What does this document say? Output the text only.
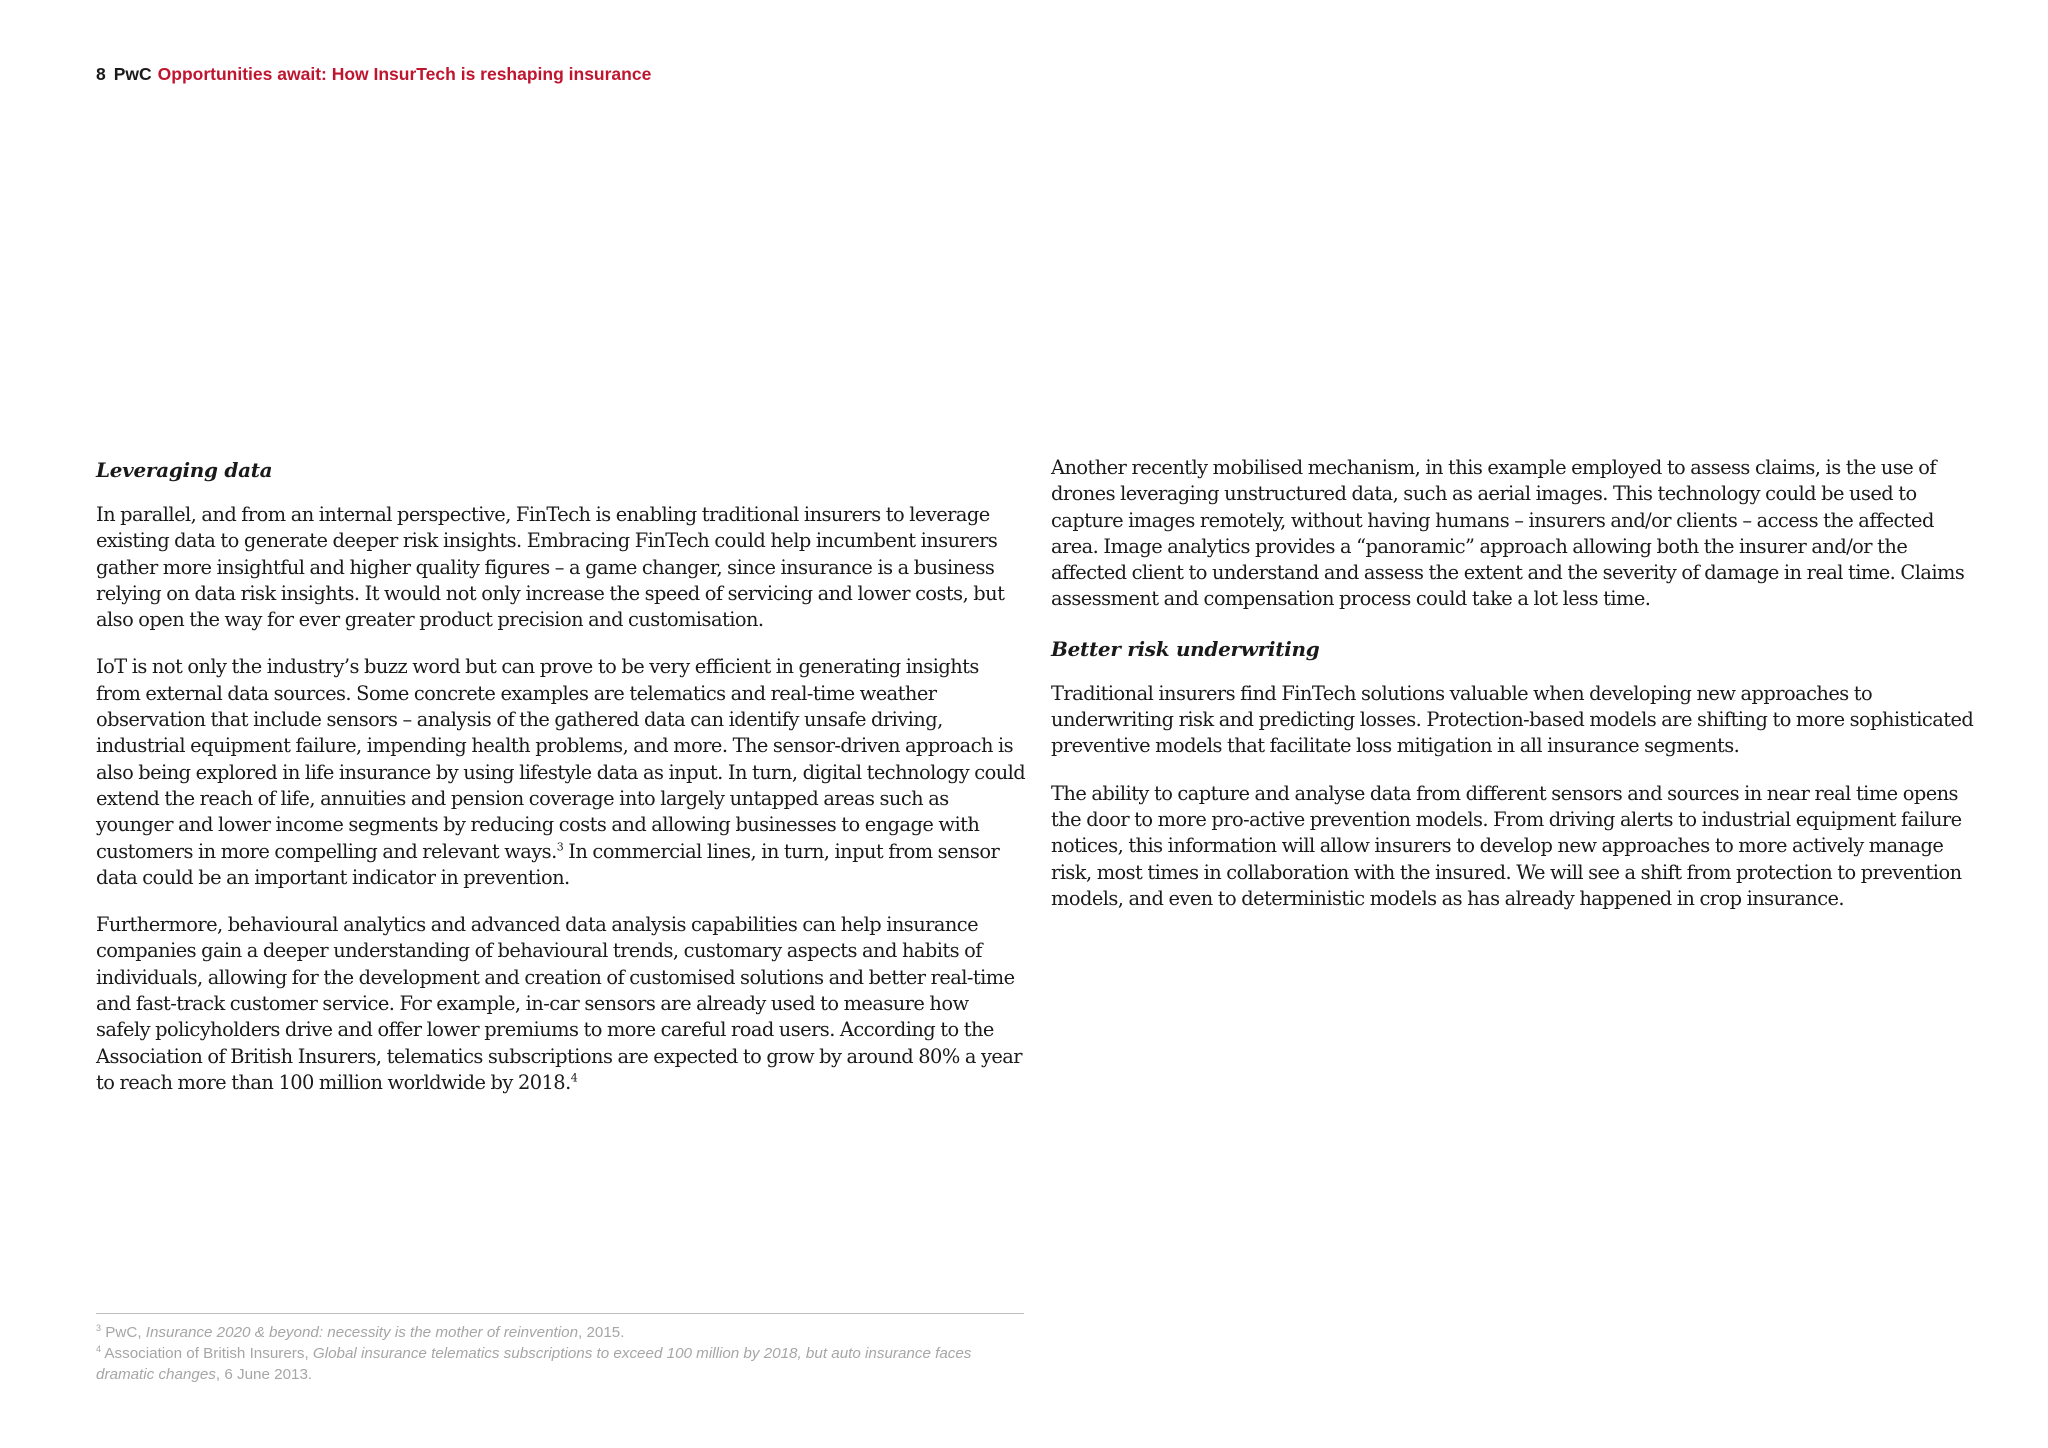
8 PwC Opportunities await: How InsurTech is reshaping insurance

Leveraging data

In parallel, and from an internal perspective, FinTech is enabling traditional insurers to leverage existing data to generate deeper risk insights. Embracing FinTech could help incumbent insurers gather more insightful and higher quality figures – a game changer, since insurance is a business relying on data risk insights. It would not only increase the speed of servicing and lower costs, but also open the way for ever greater product precision and customisation.

IoT is not only the industry’s buzz word but can prove to be very efficient in generating insights from external data sources. Some concrete examples are telematics and real-time weather observation that include sensors – analysis of the gathered data can identify unsafe driving, industrial equipment failure, impending health problems, and more. The sensor-driven approach is also being explored in life insurance by using lifestyle data as input. In turn, digital technology could extend the reach of life, annuities and pension coverage into largely untapped areas such as younger and lower income segments by reducing costs and allowing businesses to engage with customers in more compelling and relevant ways.$^3$ In commercial lines, in turn, input from sensor data could be an important indicator in prevention.

Furthermore, behavioural analytics and advanced data analysis capabilities can help insurance companies gain a deeper understanding of behavioural trends, customary aspects and habits of individuals, allowing for the development and creation of customised solutions and better real-time and fast-track customer service. For example, in-car sensors are already used to measure how safely policyholders drive and offer lower premiums to more careful road users. According to the Association of British Insurers, telematics subscriptions are expected to grow by around 80% a year to reach more than 100 million worldwide by 2018.$^4$

Another recently mobilised mechanism, in this example employed to assess claims, is the use of drones leveraging unstructured data, such as aerial images. This technology could be used to capture images remotely, without having humans – insurers and/or clients – access the affected area. Image analytics provides a “panoramic” approach allowing both the insurer and/or the affected client to understand and assess the extent and the severity of damage in real time. Claims assessment and compensation process could take a lot less time.

Better risk underwriting

Traditional insurers find FinTech solutions valuable when developing new approaches to underwriting risk and predicting losses. Protection-based models are shifting to more sophisticated preventive models that facilitate loss mitigation in all insurance segments.

The ability to capture and analyse data from different sensors and sources in near real time opens the door to more pro-active prevention models. From driving alerts to industrial equipment failure notices, this information will allow insurers to develop new approaches to more actively manage risk, most times in collaboration with the insured. We will see a shift from protection to prevention models, and even to deterministic models as has already happened in crop insurance.

$^3$ PwC, Insurance 2020 & beyond: necessity is the mother of reinvention, 2015.

$^4$ Association of British Insurers, Global insurance telematics subscriptions to exceed 100 million by 2018, but auto insurance faces dramatic changes, 6 June 2013.
